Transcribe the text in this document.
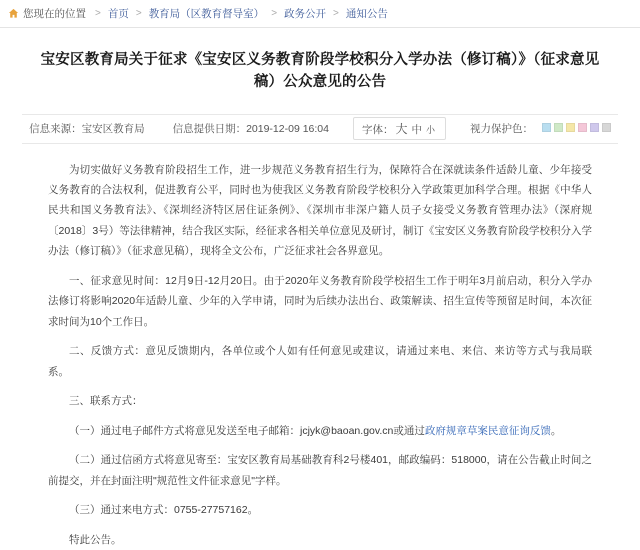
您现在的位置 > 首页 > 教育局（区教育督导室） > 政务公开 > 通知公告
宝安区教育局关于征求《宝安区义务教育阶段学校积分入学办法（修订稿）》（征求意见稿）公众意见的公告
信息来源：宝安区教育局	信息提供日期：2019-12-09 16:04	字体： 大 中 小	视力保护色：

为切实做好义务教育阶段招生工作，进一步规范义务教育招生行为，保障符合在深就读条件适龄儿童、少年接受义务教育的合法权利，促进教育公平，同时也为使我区义务教育阶段学校积分入学政策更加科学合理。根据《中华人民共和国义务教育法》、《深圳经济特区居住证条例》、《深圳市非深户籍人员子女接受义务教育管理办法》（深府规〔2018〕3号）等法律精神，结合我区实际，经征求各相关单位意见及研讨，制订《宝安区义务教育阶段学校积分入学办法（修订稿）》（征求意见稿），现将全文公布，广泛征求社会各界意见。

一、征求意见时间：12月9日-12月20日。由于2020年义务教育阶段学校招生工作于明年3月前启动，积分入学办法修订将影响2020年适龄儿童、少年的入学申请，同时为后续办法出台、政策解读、招生宣传等预留足时间，本次征求时间为10个工作日。

二、反馈方式：意见反馈期内，各单位或个人如有任何意见或建议，请通过来电、来信、来访等方式与我局联系。

三、联系方式：

（一）通过电子邮件方式将意见发送至电子邮箱：jcjyk@baoan.gov.cn或通过政府规章草案民意征询反馈。

（二）通过信函方式将意见寄至：宝安区教育局基础教育科2号楼401，邮政编码：518000，请在公告截止时间之前提交，并在封面注明"规范性文件征求意见"字样。

（三）通过来电方式：0755-27757162。

特此公告。
